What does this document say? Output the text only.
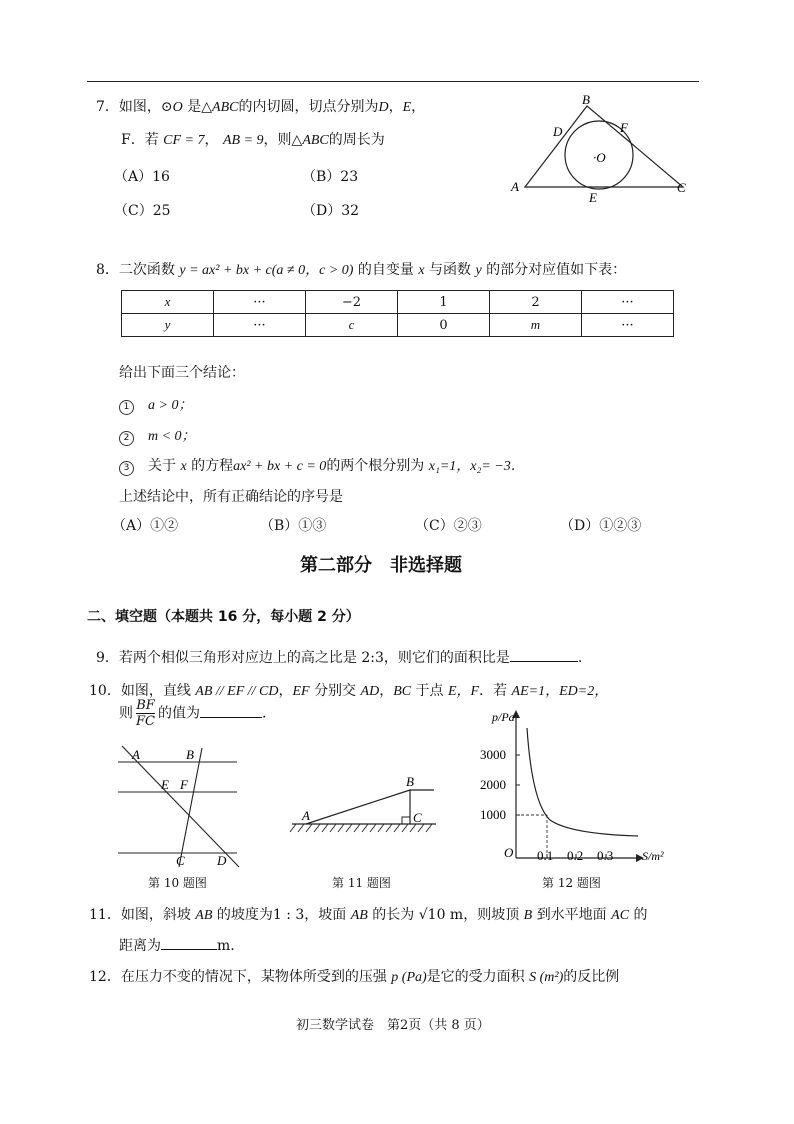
7．如图，⊙O 是△ABC的内切圆，切点分别为D，E，
F．若 CF = 7， AB = 9，则△ABC的周长为
（A）16	（B）23
（C）25	（D）32
B
D	F
·O
A
E
C
8．二次函数 y = ax² + bx + c(a ≠ 0，c > 0) 的自变量 x 与函数 y 的部分对应值如下表：
x	···	−2	1	2	···
y	···	c	0	m	···
给出下面三个结论：
1 a > 0；
2 m < 0；
3 关于 x 的方程ax² + bx + c = 0的两个根分别为 x₁=1，x₂= −3．
上述结论中，所有正确结论的序号是
（A）①②	（B）①③	（C）②③	（D）①②③
第二部分　非选择题
二、填空题（本题共 16 分，每小题 2 分）
9．若两个相似三角形对应边上的高之比是 2:3，则它们的面积比是	.
10．如图，直线 AB // EF // CD，EF 分别交 AD，BC 于点 E，F．若 AE=1，ED=2，
则 $\frac{BF}{FC}$ 的值为	.
A	B
E F
C D
第 10 题图
A
B
C
第 11 题图
p/Pa
3000
2000
1000
O 0.1 0.2 0.3 S/m²
第 12 题图
11．如图，斜坡 AB 的坡度为1 : 3，坡面 AB 的长为 √10 m，则坡顶 B 到水平地面 AC 的
距离为	m.
12．在压力不变的情况下，某物体所受到的压强 p (Pa)是它的受力面积 S (m²)的反比例
初三数学试卷　第2页（共 8 页）
